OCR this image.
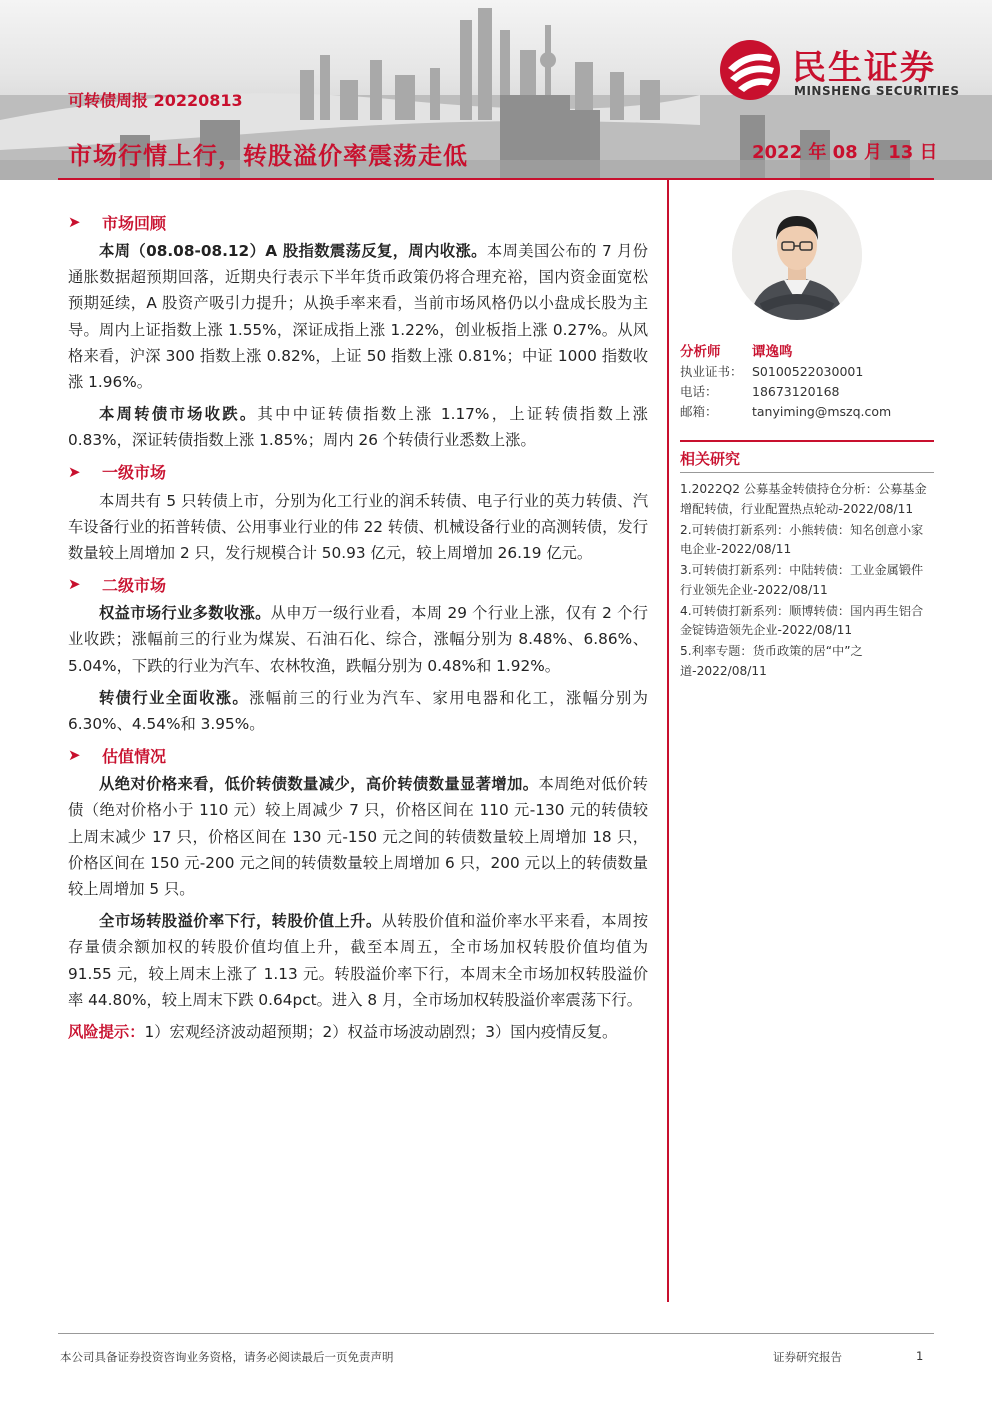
可转债周报 20220813
市场行情上行，转股溢价率震荡走低	2022 年 08 月 13 日
民生证券
MINSHENG SECURITIES
➤	市场回顾

本周（08.08-08.12）A 股指数震荡反复，周内收涨。本周美国公布的 7 月份通胀数据超预期回落，近期央行表示下半年货币政策仍将合理充裕，国内资金面宽松预期延续，A 股资产吸引力提升；从换手率来看，当前市场风格仍以小盘成长股为主导。周内上证指数上涨 1.55%，深证成指上涨 1.22%，创业板指上涨 0.27%。从风格来看，沪深 300 指数上涨 0.82%，上证 50 指数上涨 0.81%；中证 1000 指数收涨 1.96%。

本周转债市场收跌。其中中证转债指数上涨 1.17%，上证转债指数上涨 0.83%，深证转债指数上涨 1.85%；周内 26 个转债行业悉数上涨。

➤	一级市场

本周共有 5 只转债上市，分别为化工行业的润禾转债、电子行业的英力转债、汽车设备行业的拓普转债、公用事业行业的伟 22 转债、机械设备行业的高测转债，发行数量较上周增加 2 只，发行规模合计 50.93 亿元，较上周增加 26.19 亿元。

➤	二级市场

权益市场行业多数收涨。从申万一级行业看，本周 29 个行业上涨，仅有 2 个行业收跌；涨幅前三的行业为煤炭、石油石化、综合，涨幅分别为 8.48%、6.86%、5.04%，下跌的行业为汽车、农林牧渔，跌幅分别为 0.48%和 1.92%。

转债行业全面收涨。涨幅前三的行业为汽车、家用电器和化工，涨幅分别为 6.30%、4.54%和 3.95%。

➤	估值情况

从绝对价格来看，低价转债数量减少，高价转债数量显著增加。本周绝对低价转债（绝对价格小于 110 元）较上周减少 7 只，价格区间在 110 元-130 元的转债较上周末减少 17 只，价格区间在 130 元-150 元之间的转债数量较上周增加 18 只，价格区间在 150 元-200 元之间的转债数量较上周增加 6 只，200 元以上的转债数量较上周增加 5 只。

全市场转股溢价率下行，转股价值上升。从转股价值和溢价率水平来看，本周按存量债余额加权的转股价值均值上升，截至本周五，全市场加权转股价值均值为 91.55 元，较上周末上涨了 1.13 元。转股溢价率下行，本周末全市场加权转股溢价率 44.80%，较上周末下跌 0.64pct。进入 8 月，全市场加权转股溢价率震荡下行。

风险提示：1）宏观经济波动超预期；2）权益市场波动剧烈；3）国内疫情反复。

分析师	谭逸鸣
执业证书： S0100522030001
电话：	18673120168
邮箱：	tanyiming@mszq.com
相关研究
1.2022Q2 公募基金转债持仓分析：公募基金增配转债，行业配置热点轮动-2022/08/11
2.可转债打新系列：小熊转债：知名创意小家电企业-2022/08/11
3.可转债打新系列：中陆转债：工业金属锻件行业领先企业-2022/08/11
4.可转债打新系列：顺博转债：国内再生铝合金锭铸造领先企业-2022/08/11
5.利率专题：货币政策的居“中”之道-2022/08/11
本公司具备证券投资咨询业务资格，请务必阅读最后一页免责声明	证券研究报告	1
